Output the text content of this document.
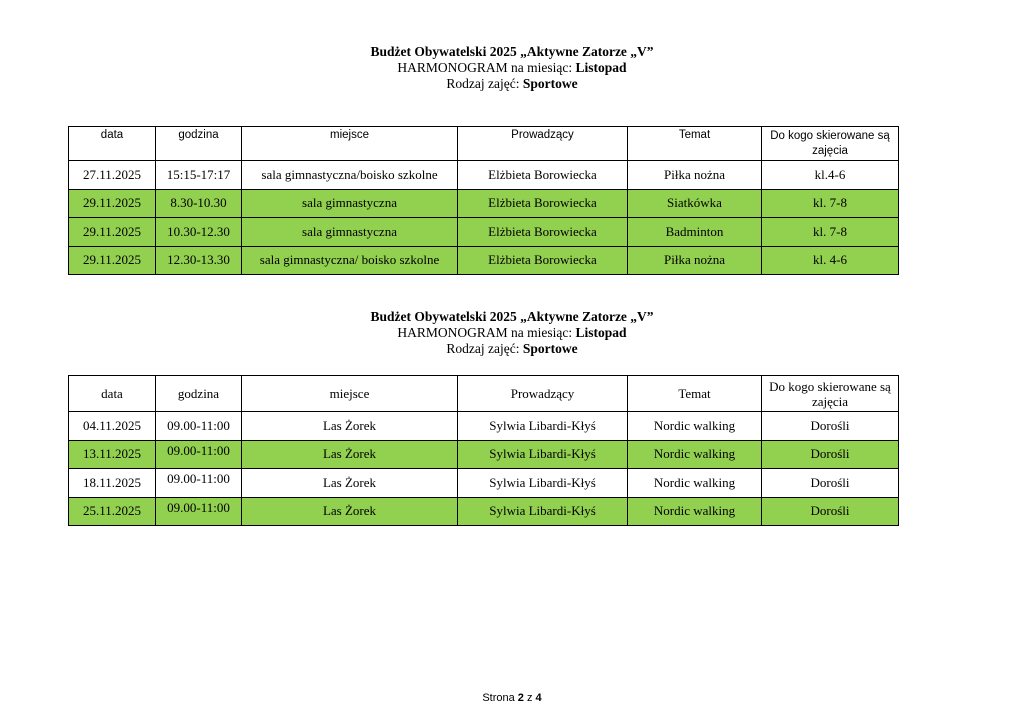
Budżet Obywatelski 2025 „Aktywne Zatorze „V”
HARMONOGRAM na miesiąc: Listopad
Rodzaj zajęć: Sportowe
data	godzina	miejsce	Prowadzący	Temat	Do kogo skierowane są zajęcia
27.11.2025	15:15-17:17	sala gimnastyczna/boisko szkolne	Elżbieta Borowiecka	Piłka nożna	kl.4-6
29.11.2025	8.30-10.30	sala gimnastyczna	Elżbieta Borowiecka	Siatkówka	kl. 7-8
29.11.2025	10.30-12.30	sala gimnastyczna	Elżbieta Borowiecka	Badminton	kl. 7-8
29.11.2025	12.30-13.30	sala gimnastyczna/ boisko szkolne	Elżbieta Borowiecka	Piłka nożna	kl. 4-6
Budżet Obywatelski 2025 „Aktywne Zatorze „V”
HARMONOGRAM na miesiąc: Listopad
Rodzaj zajęć: Sportowe
data	godzina	miejsce	Prowadzący	Temat	Do kogo skierowane są zajęcia
04.11.2025	09.00-11:00	Las Żorek	Sylwia Libardi-Kłyś	Nordic walking	Dorośli
13.11.2025	09.00-11:00	Las Żorek	Sylwia Libardi-Kłyś	Nordic walking	Dorośli
18.11.2025	09.00-11:00	Las Żorek	Sylwia Libardi-Kłyś	Nordic walking	Dorośli
25.11.2025	09.00-11:00	Las Żorek	Sylwia Libardi-Kłyś	Nordic walking	Dorośli
Strona 2 z 4
